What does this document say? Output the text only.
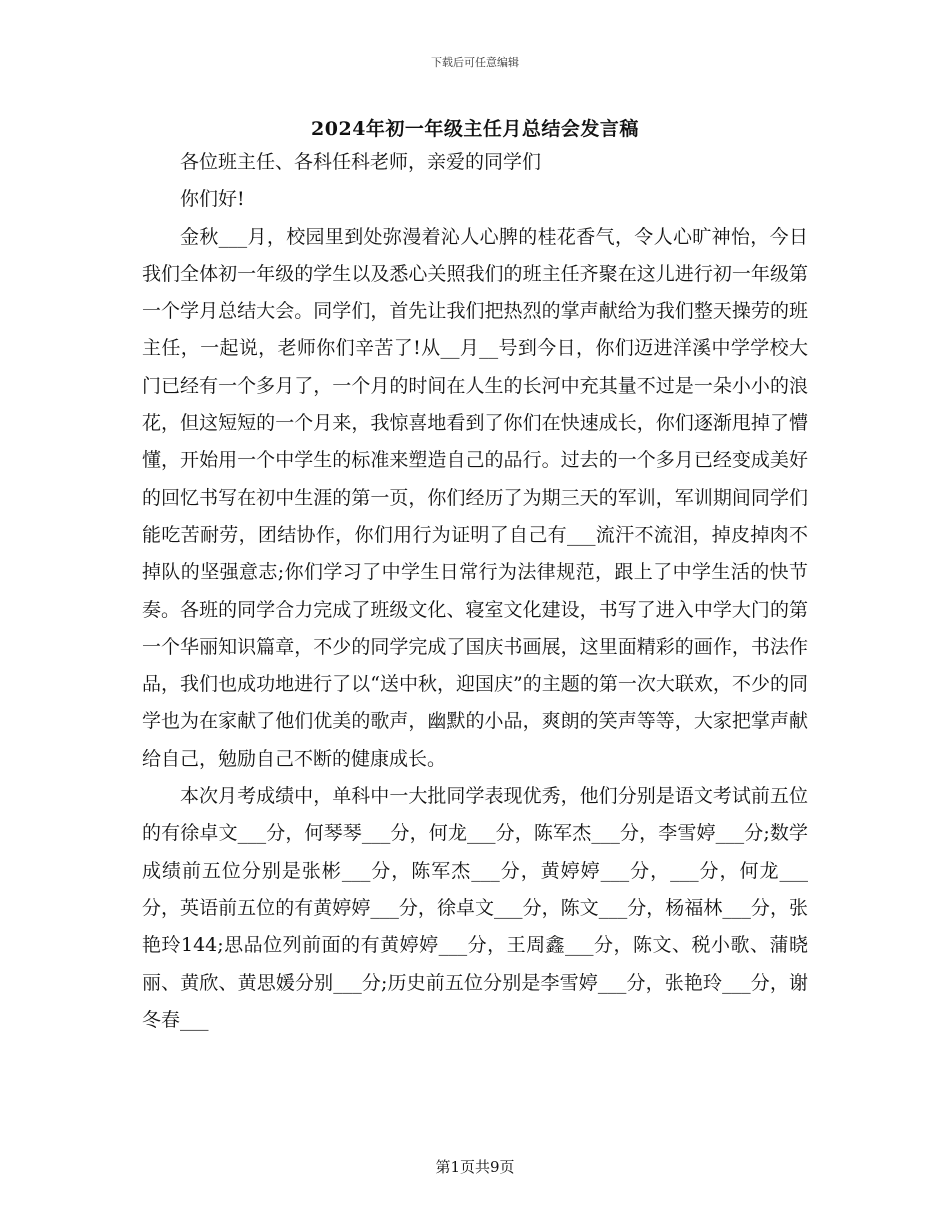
下载后可任意编辑
2024年初一年级主任月总结会发言稿

各位班主任、各科任科老师，亲爱的同学们

你们好!

金秋___月，校园里到处弥漫着沁人心脾的桂花香气，令人心旷神怡，今日我们全体初一年级的学生以及悉心关照我们的班主任齐聚在这儿进行初一年级第一个学月总结大会。同学们，首先让我们把热烈的掌声献给为我们整天操劳的班主任，一起说，老师你们辛苦了!从__月__号到今日，你们迈进洋溪中学学校大门已经有一个多月了，一个月的时间在人生的长河中充其量不过是一朵小小的浪花，但这短短的一个月来，我惊喜地看到了你们在快速成长，你们逐渐甩掉了懵懂，开始用一个中学生的标准来塑造自己的品行。过去的一个多月已经变成美好的回忆书写在初中生涯的第一页，你们经历了为期三天的军训，军训期间同学们能吃苦耐劳，团结协作，你们用行为证明了自己有___流汗不流泪，掉皮掉肉不掉队的坚强意志;你们学习了中学生日常行为法律规范，跟上了中学生活的快节奏。各班的同学合力完成了班级文化、寝室文化建设，书写了进入中学大门的第一个华丽知识篇章，不少的同学完成了国庆书画展，这里面精彩的画作，书法作品，我们也成功地进行了以“送中秋，迎国庆”的主题的第一次大联欢，不少的同学也为在家献了他们优美的歌声，幽默的小品，爽朗的笑声等等，大家把掌声献给自己，勉励自己不断的健康成长。

本次月考成绩中，单科中一大批同学表现优秀，他们分别是语文考试前五位的有徐卓文___分，何琴琴___分，何龙___分，陈军杰___分，李雪婷___分;数学成绩前五位分别是张彬___分，陈军杰___分，黄婷婷___分，___分，何龙___分，英语前五位的有黄婷婷___分，徐卓文___分，陈文___分，杨福林___分，张艳玲144;思品位列前面的有黄婷婷___分，王周鑫___分，陈文、税小歌、蒲晓丽、黄欣、黄思媛分别___分;历史前五位分别是李雪婷___分，张艳玲___分，谢冬春___

第1页共9页
